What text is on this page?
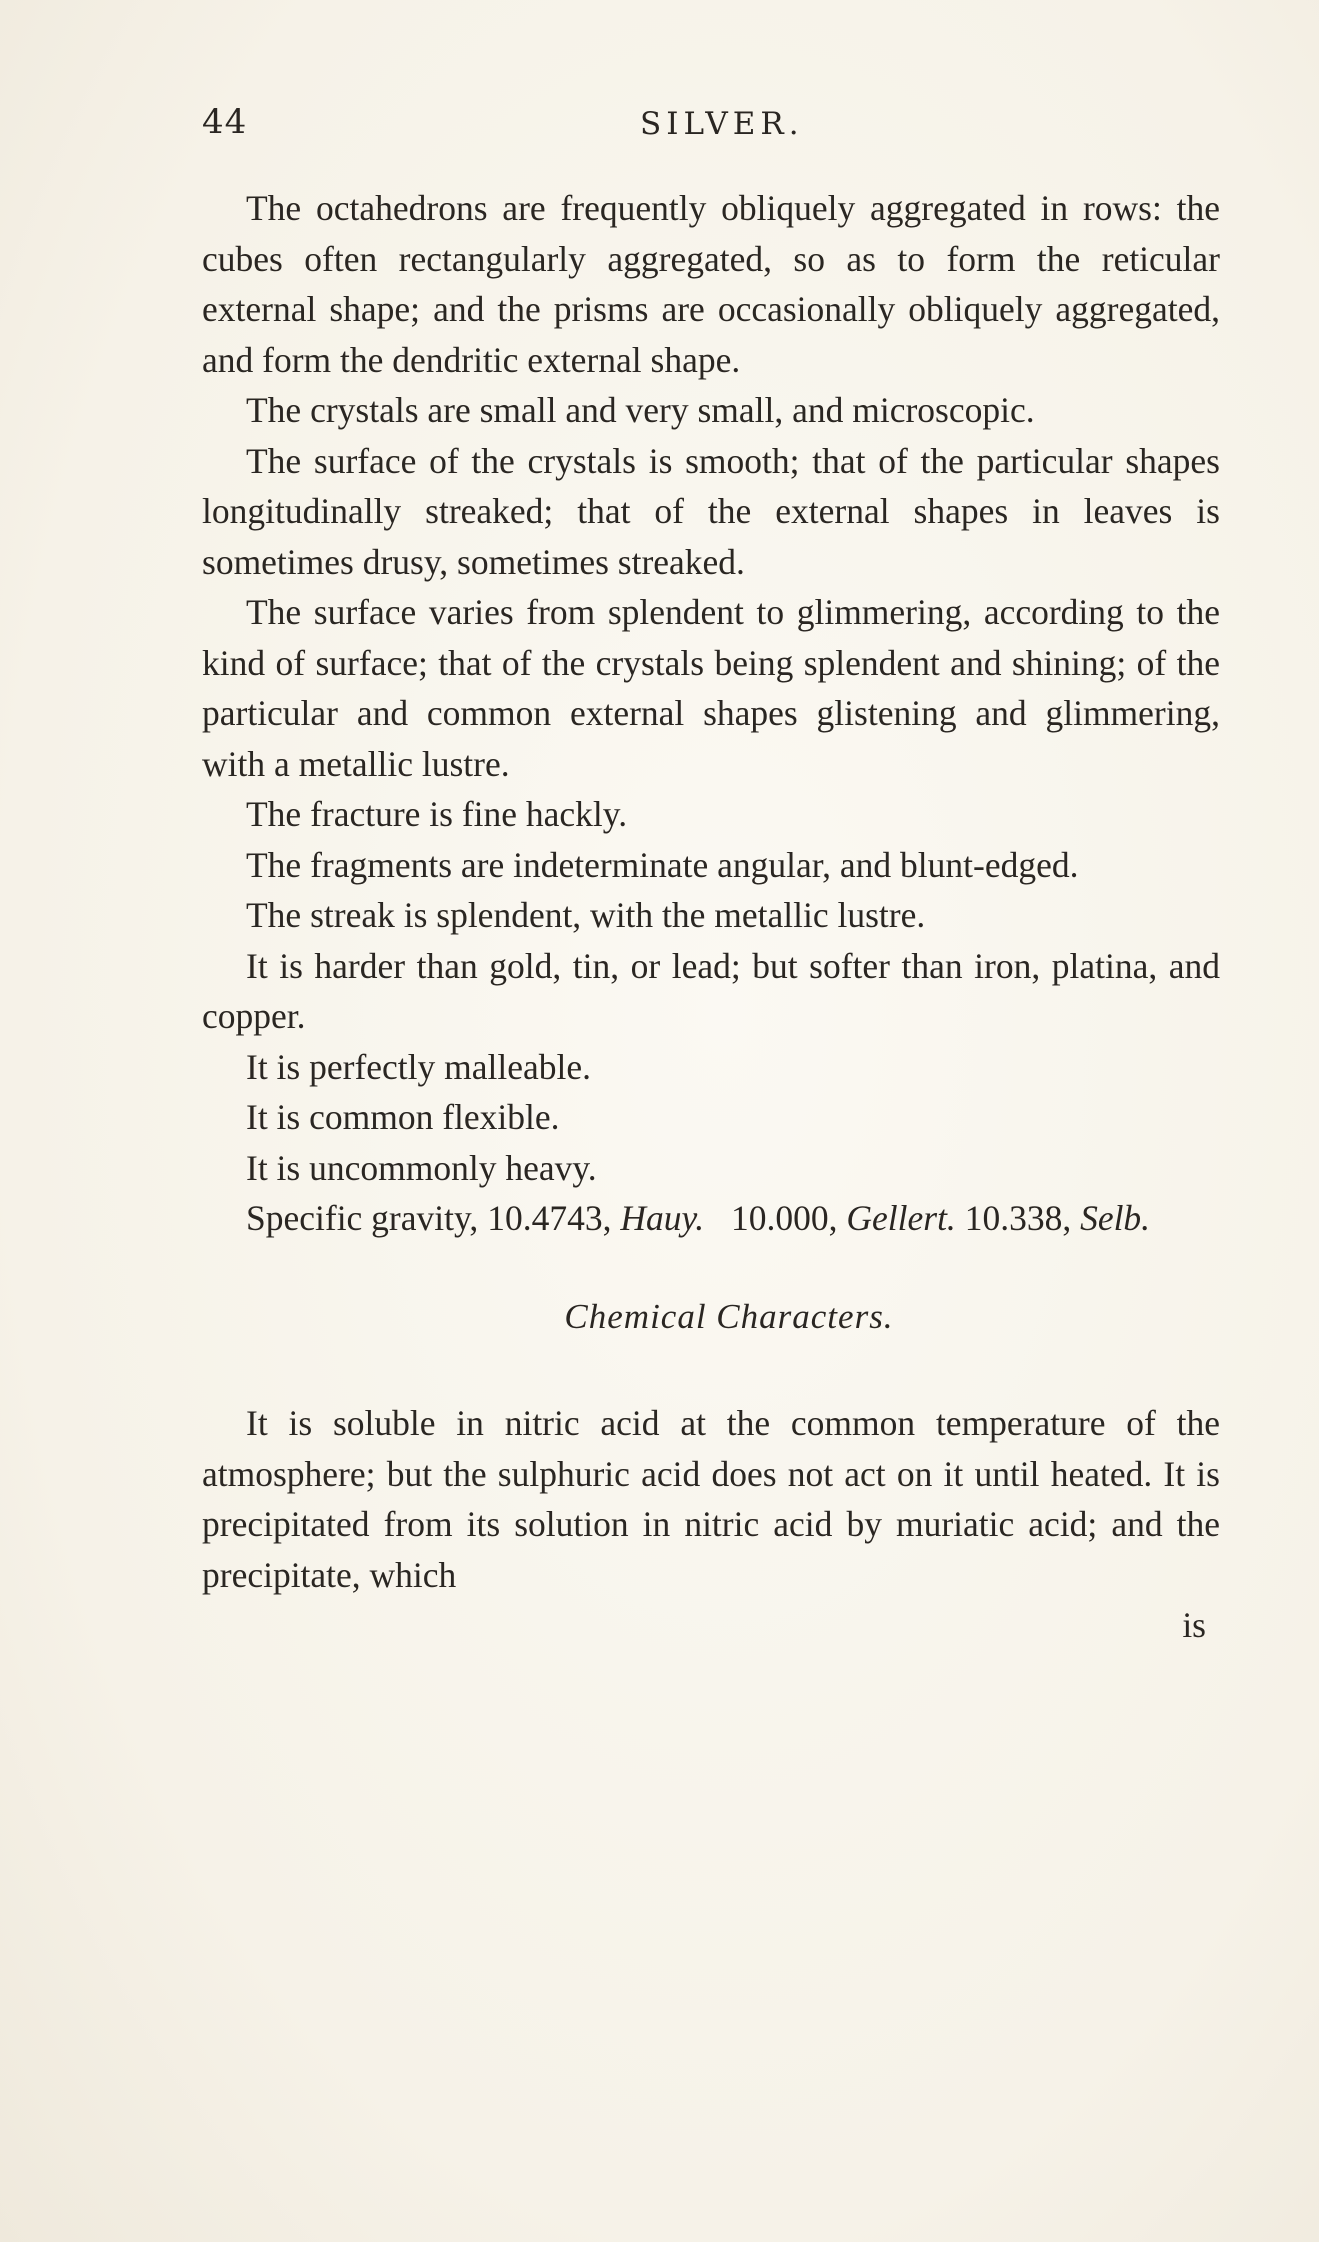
44	SILVER.

The octahedrons are frequently obliquely aggregated in rows: the cubes often rectangularly aggregated, so as to form the reticular external shape; and the prisms are occasionally obliquely aggregated, and form the dendritic external shape.

The crystals are small and very small, and microscopic.

The surface of the crystals is smooth; that of the particular shapes longitudinally streaked; that of the external shapes in leaves is sometimes drusy, sometimes streaked.

The surface varies from splendent to glimmering, according to the kind of surface; that of the crystals being splendent and shining; of the particular and common external shapes glistening and glimmering, with a metallic lustre.

The fracture is fine hackly.

The fragments are indeterminate angular, and blunt-edged.

The streak is splendent, with the metallic lustre.

It is harder than gold, tin, or lead; but softer than iron, platina, and copper.

It is perfectly malleable.

It is common flexible.

It is uncommonly heavy.

Specific gravity, 10.4743, Hauy. 10.000, Gellert. 10.338, Selb.

Chemical Characters.

It is soluble in nitric acid at the common temperature of the atmosphere; but the sulphuric acid does not act on it until heated. It is precipitated from its solution in nitric acid by muriatic acid; and the precipitate, which

is
